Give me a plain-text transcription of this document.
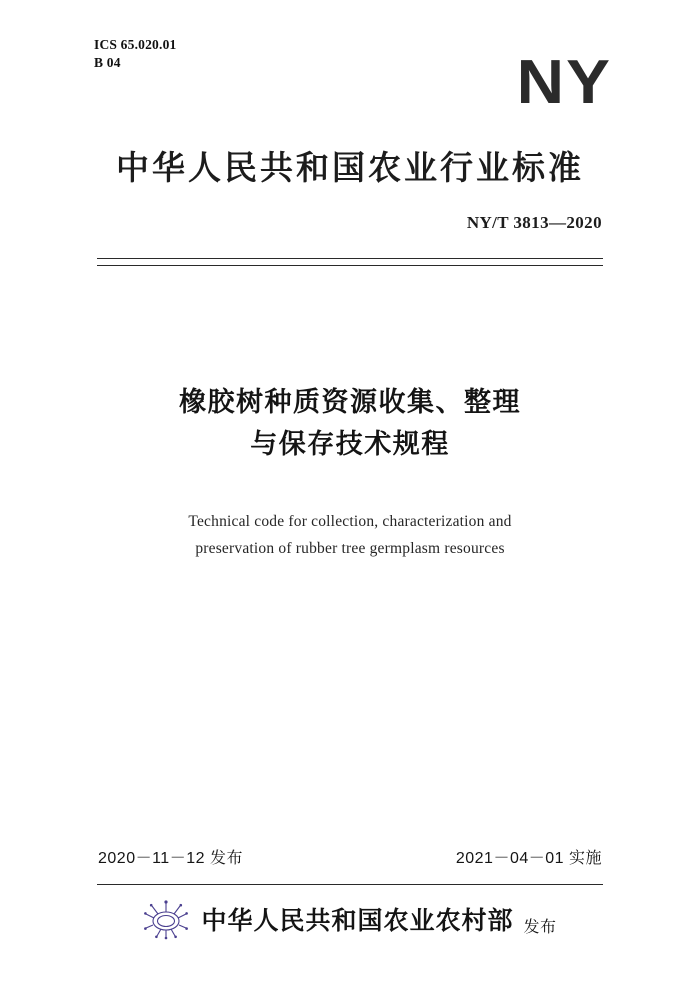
ICS 65.020.01
B 04	NY
中华人民共和国农业行业标准
NY/T 3813—2020
橡胶树种质资源收集、整理
与保存技术规程
Technical code for collection, characterization and
preservation of rubber tree germplasm resources
2020－11－12 发布	2021－04－01 实施
中华人民共和国农业农村部 发布
